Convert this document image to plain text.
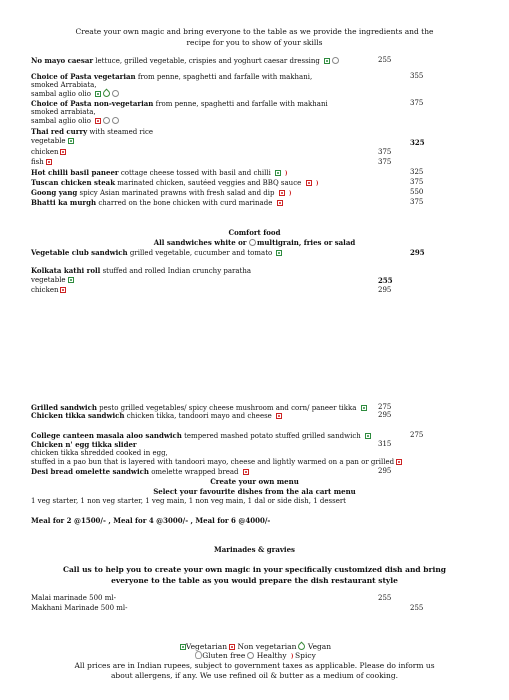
Create your own magic and bring everyone to the table as we provide the ingredients and the
recipe for you to show of your skills
No mayo caesar lettuce, grilled vegetable, crispies and yoghurt caesar dressing	255
Choice of Pasta vegetarian from penne, spaghetti and farfalle with makhani,	355
smoked Arrabiata,
sambal aglio olio
Choice of Pasta non-vegetarian from penne, spaghetti and farfalle with makhani	375
smoked arrabiata,
sambal aglio olio
Thai red curry with steamed rice
vegetable	325
chicken	375
fish	375
Hot chilli basil paneer cottage cheese tossed with basil and chilli	325
Tuscan chicken steak marinated chicken, sautéed veggies and BBQ sauce	375
Goong yang spicy Asian marinated prawns with fresh salad and dip	550
Bhatti ka murgh charred on the bone chicken with curd marinade	375
Comfort food
All sandwiches white or multigrain, fries or salad
Vegetable club sandwich grilled vegetable, cucumber and tomato	295
Kolkata kathi roll stuffed and rolled Indian crunchy paratha
vegetable	255
chicken	295
Grilled sandwich pesto grilled vegetables/ spicy cheese mushroom and corn/ paneer tikka	275
Chicken tikka sandwich chicken tikka, tandoori mayo and cheese	295
College canteen masala aloo sandwich tempered mashed potato stuffed grilled sandwich	275
Chicken n' egg tikka slider	315
chicken tikka shredded cooked in egg,
stuffed in a pao bun that is layered with tandoori mayo, cheese and lightly warmed on a pan or grilled
Desi bread omelette sandwich omelette wrapped bread	295
Create your own menu
Select your favourite dishes from the ala cart menu
1 veg starter, 1 non veg starter, 1 veg main, 1 non veg main, 1 dal or side dish, 1 dessert
Meal for 2 @1500/- , Meal for 4 @3000/- , Meal for 6 @4000/-
Marinades & gravies
Call us to help you to create your own magic in your specifically customized dish and bring
everyone to the table as you would prepare the dish restaurant style
Malai marinade 500 ml-	255
Makhani Marinade 500 ml-	255
Vegetarian Non vegetarian Vegan
Gluten free Healthy Spicy
All prices are in Indian rupees, subject to government taxes as applicable. Please do inform us
about allergens, if any. We use refined oil & butter as a medium of cooking.
